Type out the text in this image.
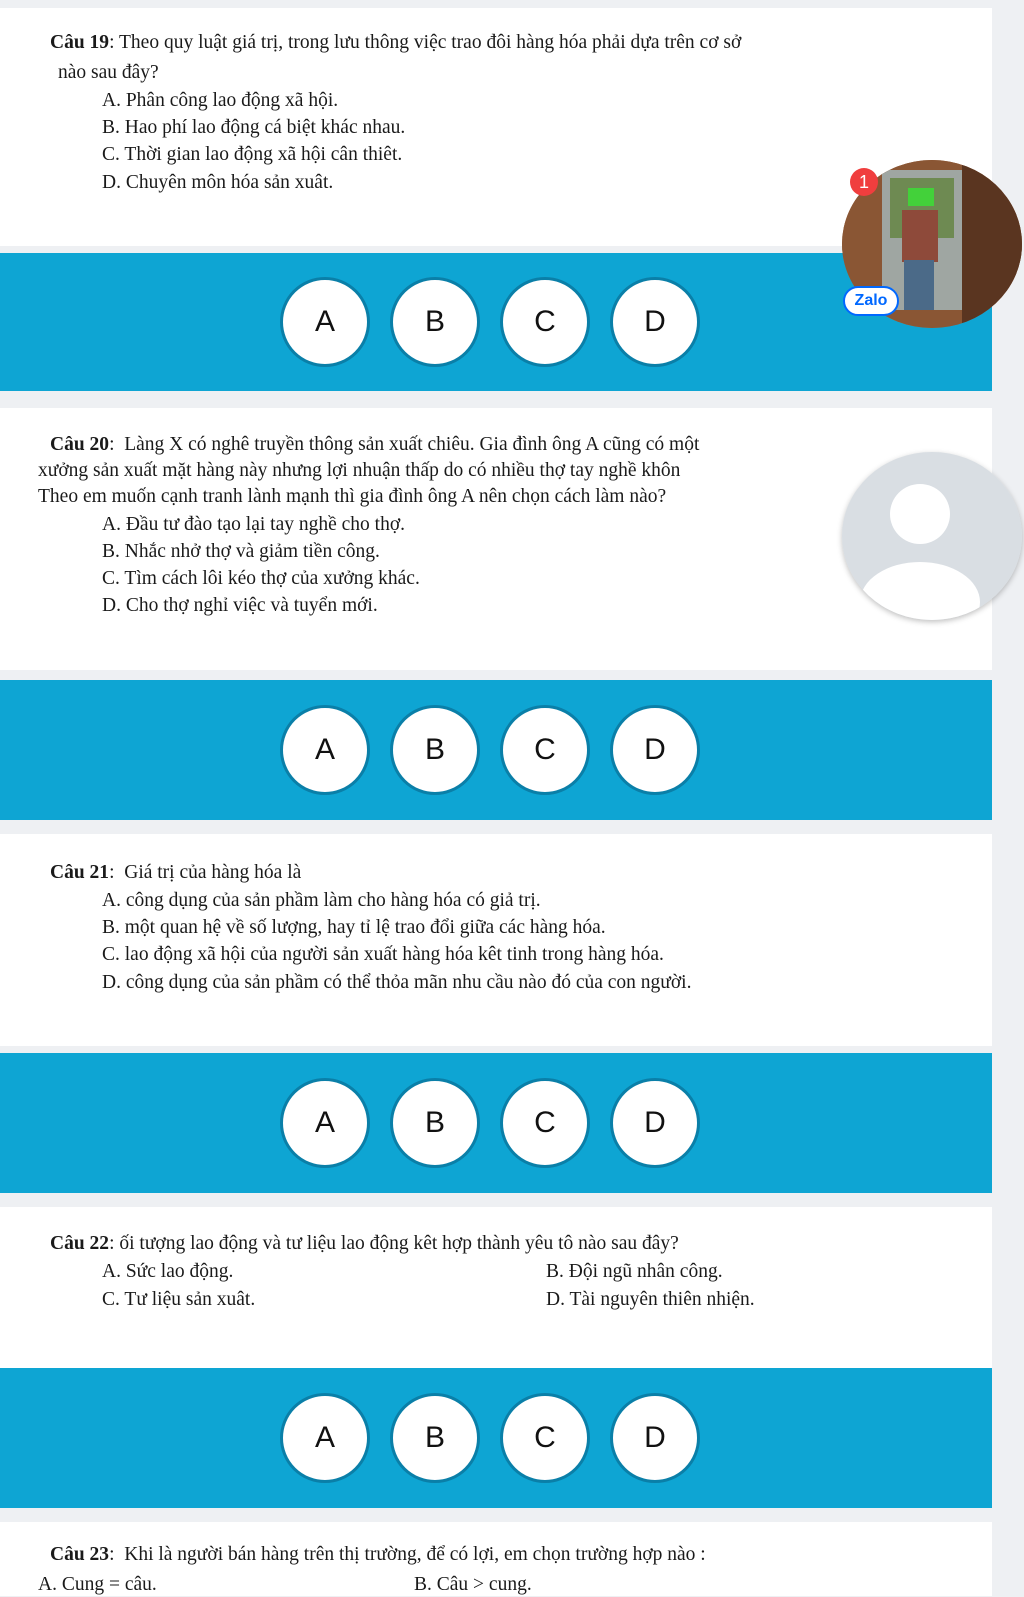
Câu 19: Theo quy luật giá trị, trong lưu thông việc trao đôi hàng hóa phải dựa trên cơ sở
nào sau đây?
A. Phân công lao động xã hội.
B. Hao phí lao động cá biệt khác nhau.
C. Thời gian lao động xã hội cân thiêt.
D. Chuyên môn hóa sản xuât.
A	B	C	D
Câu 20:  Làng X có nghê truyền thông sản xuất chiêu. Gia đình ông A cũng có một
xưởng sản xuất mặt hàng này nhưng lợi nhuận thấp do có nhiều thợ tay nghề khôn
Theo em muốn cạnh tranh lành mạnh thì gia đình ông A nên chọn cách làm nào?
A. Đầu tư đào tạo lại tay nghề cho thợ.
B. Nhắc nhở thợ và giảm tiền công.
C. Tìm cách lôi kéo thợ của xưởng khác.
D. Cho thợ nghỉ việc và tuyển mới.
A	B	C	D
Câu 21:  Giá trị của hàng hóa là
A. công dụng của sản phầm làm cho hàng hóa có giả trị.
B. một quan hệ về số lượng, hay tỉ lệ trao đổi giữa các hàng hóa.
C. lao động xã hội của người sản xuất hàng hóa kêt tinh trong hàng hóa.
D. công dụng của sản phầm có thể thỏa mãn nhu cầu nào đó của con người.
A	B	C	D
Câu 22: ối tượng lao động và tư liệu lao động kêt hợp thành yêu tô nào sau đây?
A. Sức lao động.	B. Đội ngũ nhân công.
C. Tư liệu sản xuât.	D. Tài nguyên thiên nhiện.
A	B	C	D
Câu 23:  Khi là người bán hàng trên thị trường, để có lợi, em chọn trường hợp nào :
A. Cung = câu.	B. Câu > cung.
1
Zalo
